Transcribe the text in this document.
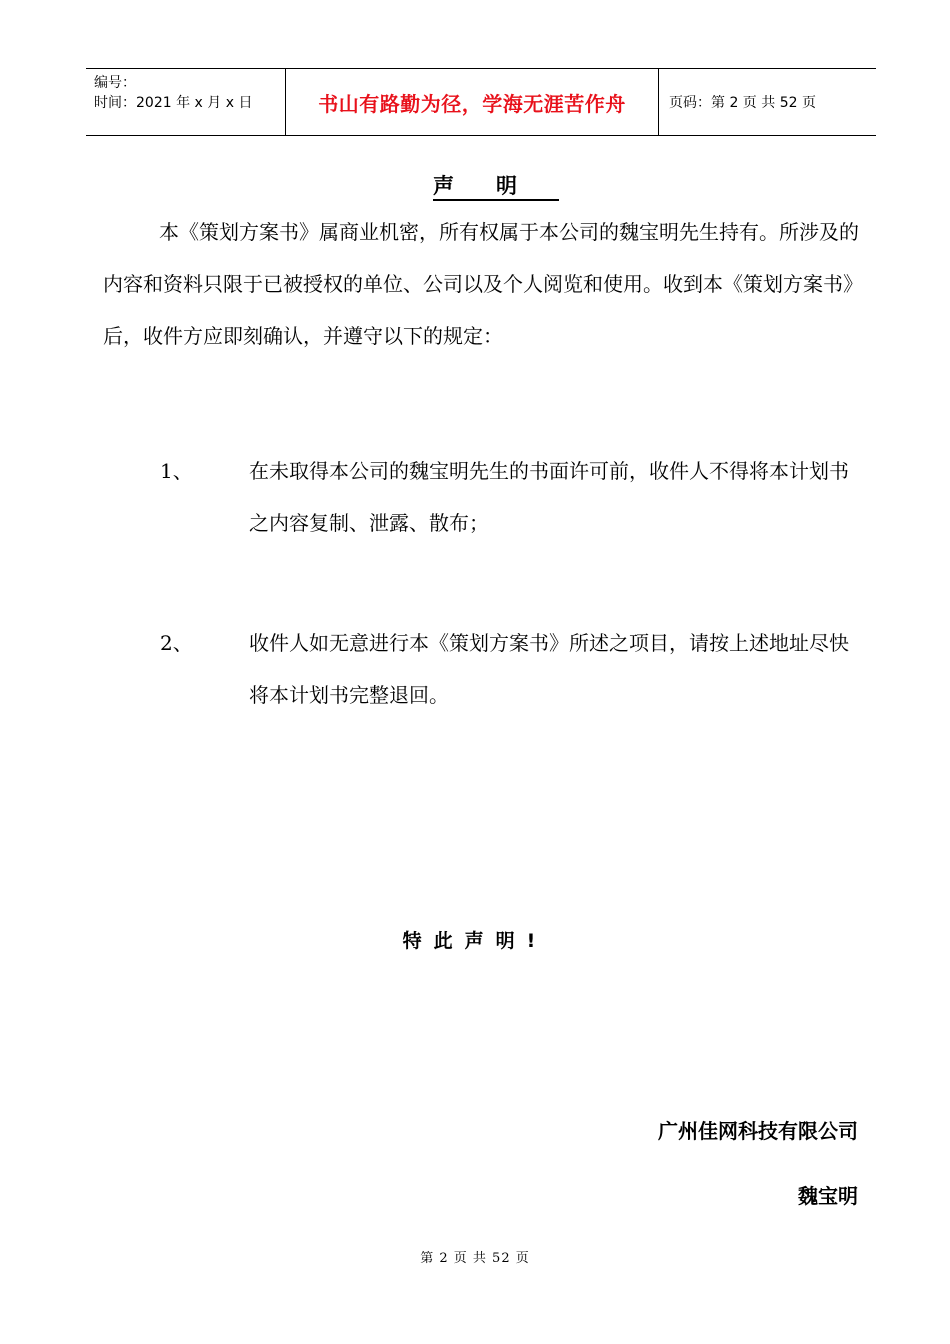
编号：
时间：2021 年 x 月 x 日	书山有路勤为径，学海无涯苦作舟	页码：第 2 页 共 52 页
声明
本《策划方案书》属商业机密，所有权属于本公司的魏宝明先生持有。所涉及的内容和资料只限于已被授权的单位、公司以及个人阅览和使用。收到本《策划方案书》后，收件方应即刻确认，并遵守以下的规定：
1、	在未取得本公司的魏宝明先生的书面许可前，收件人不得将本计划书之内容复制、泄露、散布；
2、	收件人如无意进行本《策划方案书》所述之项目，请按上述地址尽快将本计划书完整退回。
特此声明!
广州佳网科技有限公司
魏宝明
第 2 页 共 52 页
